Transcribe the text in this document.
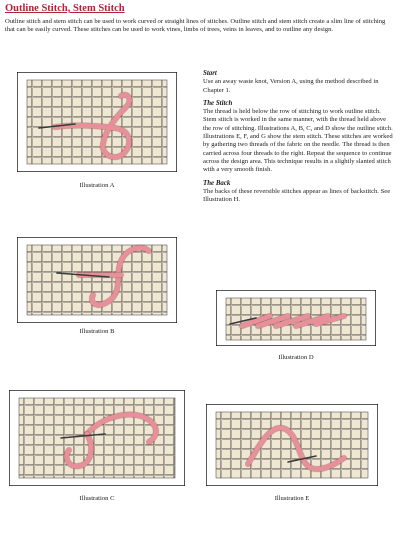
Outline Stitch, Stem Stitch

Outline stitch and stem stitch can be used to work curved or straight lines of stitches. Outline stitch and stem stitch create a slim line of stitching that can be easily curved. These stitches can be used to work vines, limbs of trees, veins in leaves, and to outline any design.

Start

Use an away waste knot, Version A, using the method described in Chapter 1.

The Stitch

The thread is held below the row of stitching to work outline stitch. Stem stitch is worked in the same manner, with the thread held above the row of stitching. Illustrations A, B, C, and D show the outline stitch. Illustrations E, F, and G show the stem stitch. These stitches are worked by gathering two threads of the fabric on the needle. The thread is then carried across four threads to the right. Repeat the sequence to continue across the design area. This technique results in a slightly slanted stitch with a very smooth finish.

The Back

The backs of these reversible stitches appear as lines of backstitch. See Illustration H.

Illustration A

Illustration B

Illustration D

Illustration C	Illustration E
